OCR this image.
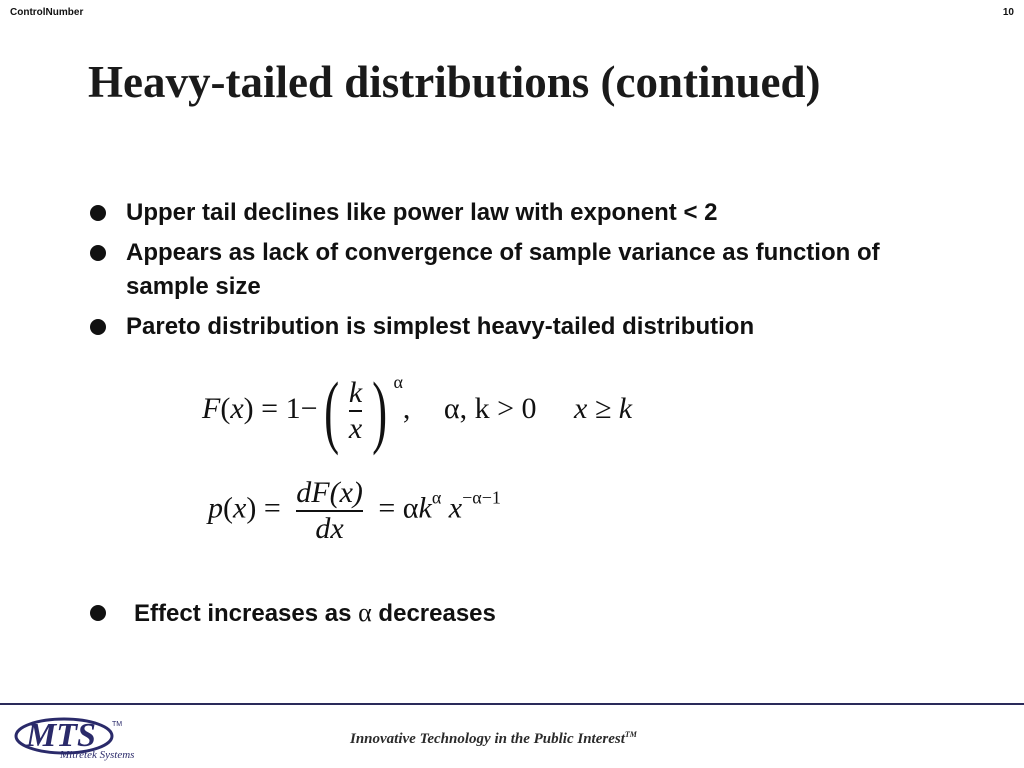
ControlNumber	10
Heavy-tailed distributions (continued)
Upper tail declines like power law with exponent < 2
Appears as lack of convergence of sample variance as function of sample size
Pareto distribution is simplest heavy-tailed distribution
$F(x) = 1-( \frac{k}{x}$ ) $^\alpha$, α, k > 0 x ≥ k
$p(x) = \frac{dF(x)}{dx} = \alpha k^\alpha$ $x^{-\alpha-1}$
Effect increases as α decreases
MTS TM
Mitretek Systems
Innovative Technology in the Public Interest™
